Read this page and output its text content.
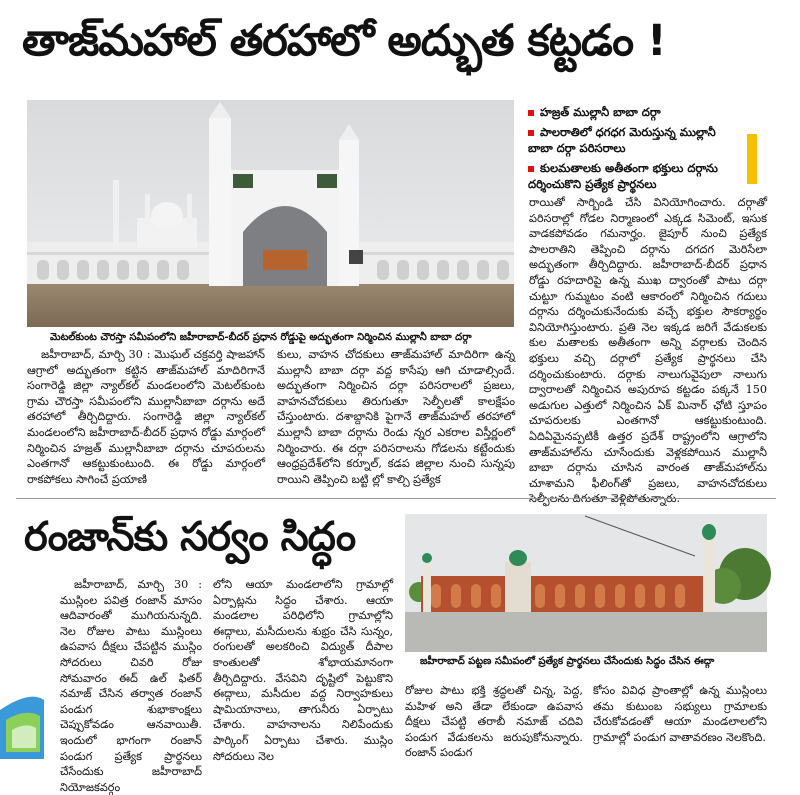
తాజ్‌మహాల్ తరహాలో అద్భుత కట్టడం !
హజ్రత్ ముల్లానీ బాబా దర్గా
పాలరాతిలో ధగధగ మెరుస్తున్న ముల్లానీ బాబా దర్గా పరిసరాలు
కులమతాలకు అతీతంగా భక్తులు దర్గాను దర్శించుకొని ప్రత్యేక ప్రార్థనలు
మెటల్‌కుంట చౌరస్తా సమీపంలోని జహీరాబాద్-బీదర్ ప్రధాన రోడ్డుపై అద్భుతంగా నిర్మించిన ముల్లానీ బాబా దర్గా

జహీరాబాద్, మార్చి 30 : మొఘల్ చక్రవర్తి షాజహాన్ ఆగ్రాలో అద్భుతంగా కట్టిన తాజ్‌మహాల్ మాదిరిగానే సంగారెడ్డి జిల్లా న్యాల్‌కల్ మండలంలోని మెటల్‌కుంట గ్రామ చౌరస్తా సమీపంలోని ముల్లానీబాబా దర్గాను అదే తరహాలో తీర్చిదిద్దారు. సంగారెడ్డి జిల్లా న్యాల్‌కల్ మండలంలోని జహీరాబాద్-బీదర్ ప్రధాన రోడ్డు మార్గంలో నిర్మించిన హజ్రత్ ముల్లానీబాబా దర్గాను చూపరులను ఎంతగానో ఆకట్టుకుంటుంది. ఈ రోడ్డు మార్గంలో రాకపోకలు సాగించే ప్రయాణి

కులు, వాహన చోదకులు తాజ్‌మహాల్ మాదిరిగా ఉన్న ముల్లానీ బాబా దర్గా వద్ద కాసేపు ఆగి చూడాల్సిందే. అద్భుతంగా నిర్మించిన దర్గా పరిసరాలలో ప్రజలు, వాహనచోదకులు తిరుగుతూ సెల్ఫీలతో కాలక్షేపం చేస్తుంటారు. దశాబ్దానికి పైగానే తాజ్‌మహల్ తరహాలో ముల్లానీ బాబా దర్గాను రెండు న్నర ఎకరాల విస్తీర్ణంలో నిర్మించారు. ఈ దర్గా పరిసరాలను గోడలను కట్టేందుకు ఆంధ్రప్రదేశ్‌లోని కర్నూల్, కడప జిల్లాల నుంచి సున్నపు రాయిని తెప్పించి బట్టి ల్లో కాల్చి ప్రత్యేక

రాయితో సార్బిండి చేసి వినియోగించారు. దర్గాతో పరిసరాల్లో గోడల నిర్మాణంలో ఎక్కడ సిమెంట్, ఇసుక వాడకపోవడం గమనార్హం. జైపూర్ నుంచి ప్రత్యేక పాలరాతిని తెప్పించి దర్గాను దగదగ మెరిసేలా అద్భుతంగా తీర్చిదిద్దారు. జహీరాబాద్-బీదర్ ప్రధాన రోడ్డు రహదారిపై ఉన్న ముఖ ద్వారంతో పాటు దర్గా చుట్టూ గుమ్మటం వంటి ఆకారంలో నిర్మించిన గదులు దర్గాను దర్శించుకునేందుకు వచ్చే భక్తుల సౌకర్యార్థం వినియోగిస్తుంటారు. ప్రతి నెల ఇక్కడ జరిగే వేడుకలకు కుల మతాలకు అతీతంగా అన్ని వర్గాలకు చెందిన భక్తులు వచ్చి దర్గాలో ప్రత్యేక ప్రార్థనలు చేసి దర్శించుకుంటారు. దర్గాకు నాలుగువైపులా నాలుగు ద్వారాలతో నిర్మించిన అపురూప కట్టడం పక్కనే 150 అడుగుల ఎత్తులో నిర్మించిన ఏక్ మినార్ ఛోటి స్తూపం చూపరులకు ఎంతగానో ఆకట్టుకుంటుంది. ఏదిఏమైనప్పటికీ ఉత్తర ప్రదేశ్ రాష్ట్రంలోని ఆగ్రాలోని తాజ్‌మహాల్‌ను చూసేందుకు వెళ్లకపోయిన ముల్లానీ బాబా దర్గాను చూసిన వారంత తాజ్‌మహాల్‌ను చూశామని ఫీలింగ్‌తో ప్రజలు, వాహనచోదకులు

రంజాన్‌కు సర్వం సిద్ధం
జహీరాబాద్ పట్టణ సమీపంలో ప్రత్యేక ప్రార్థనలు చేసేందుకు సిద్ధం చేసిన ఈద్గా

జహీరాబాద్, మార్చి 30 : ముస్లింల పవిత్ర రంజాన్ మాసం ఆదివారంతో ముగియనున్నది. నెల రోజుల పాటు ముస్లింలు ఉపవాస దీక్షలు చేపట్టిన ముస్లిం సోదరులు చివరి రోజు సోమవారం ఈద్ ఉల్ ఫితర్ నమాజ్ చేసిన తర్వాత రంజాన్ పండుగ శుభాకాంక్షలు చెప్పుకోవడం ఆనవాయితీ. ఇందులో భాగంగా రంజాన్ పండుగ ప్రత్యేక ప్రార్థనలు చేసేందుకు జహీరాబాద్ నియోజకవర్గం

లోని ఆయా మండలాలోని గ్రామాల్లో ఏర్పాట్లను సిద్ధం చేశారు. ఆయా మండలాల పరిధిలోని గ్రామాల్లోని ఈద్గాలు, మసీదులను శుభ్రం చేసి సున్నం, రంగులతో అలకరించి విద్యుత్ దీపాల కాంతులతో శోభాయమానంగా తీర్చిదిద్దారు. వేసవిని దృష్టిలో పెట్టుకొని ఈద్గాలు, మసీదుల వద్ద నిర్వాహకులు షామియానాలు, తాగునీరు ఏర్పాటు చేశారు. వాహనాలను నిలిపేందుకు పార్కింగ్ ఏర్పాటు చేశారు. ముస్లిం సోదరులు నెల

రోజుల పాటు భక్తి శ్రద్ధలతో చిన్న, పెద్ద, మహిళ అని తేడా లేకుండా ఉపవాస దీక్షలు చేపట్టి తరాబీ నమాజ్ చదివి పండుగ వేడుకలను జరుపుకోనున్నారు. రంజాన్ పండుగ

కోసం వివిధ ప్రాంతాల్లో ఉన్న ముస్లింలు తమ కుటుంబ సభ్యులు గ్రామాలకు చేరుకోవడంతో ఆయా మండలాలలోని గ్రామాల్లో పండుగ వాతావరణం నెలకొంది.
